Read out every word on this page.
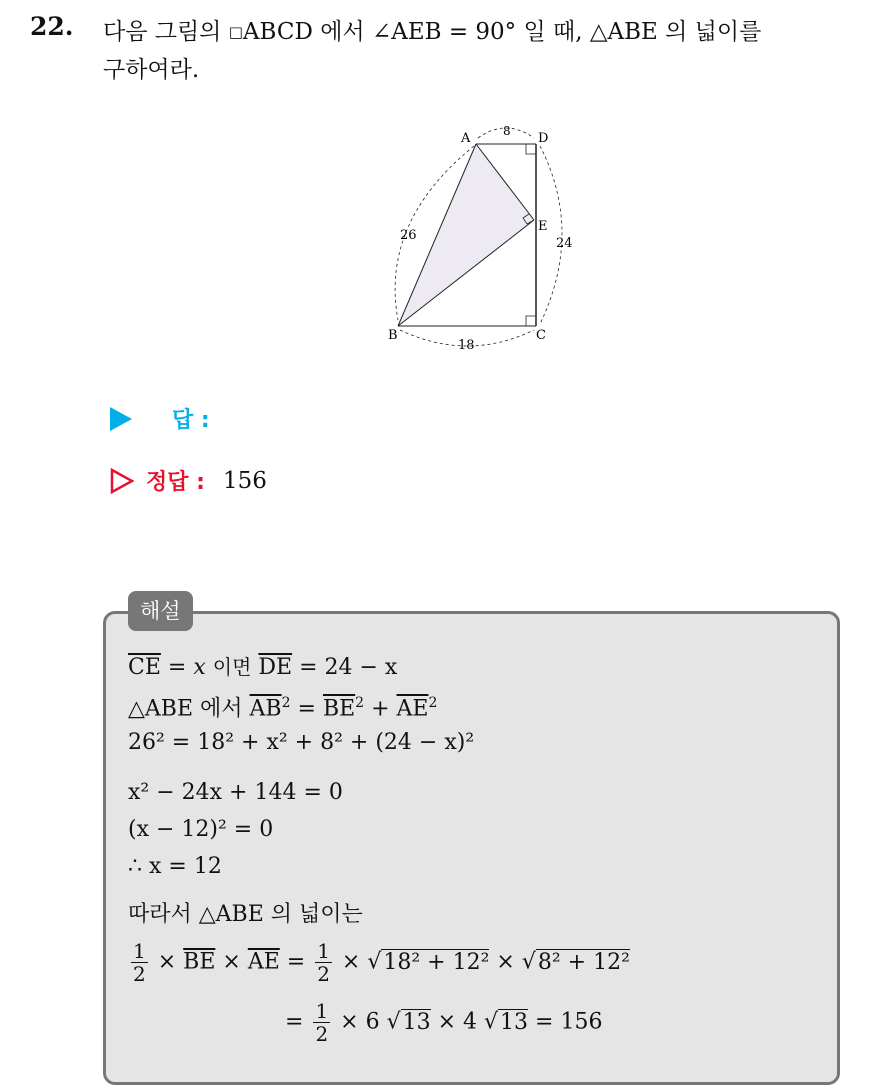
22. 다음 그림의 □ABCD 에서 ∠AEB = 90° 일 때, △ABE 의 넓이를
구하여라.
A	D
E
B	C
8
26
24
18
답 :
정답 : 156
해설
$\overline{CE} = x$ 이면 $\overline{DE} = 24 - x$
△ABE 에서 $\overline{AB}^2 = \overline{BE}^2 + \overline{AE}^2$
26² = 18² + x² + 8² + (24 − x)²
x² − 24x + 144 = 0
(x − 12)² = 0
∴ x = 12
따라서 △ABE 의 넓이는
$\frac{1}{2} \times \overline{BE} \times \overline{AE} = \frac{1}{2} \times √18^2 + 12^2 \times √8^2 + 12^2$
= $\frac{1}{2} \times 6$ √13 × 4 √13 = 156
